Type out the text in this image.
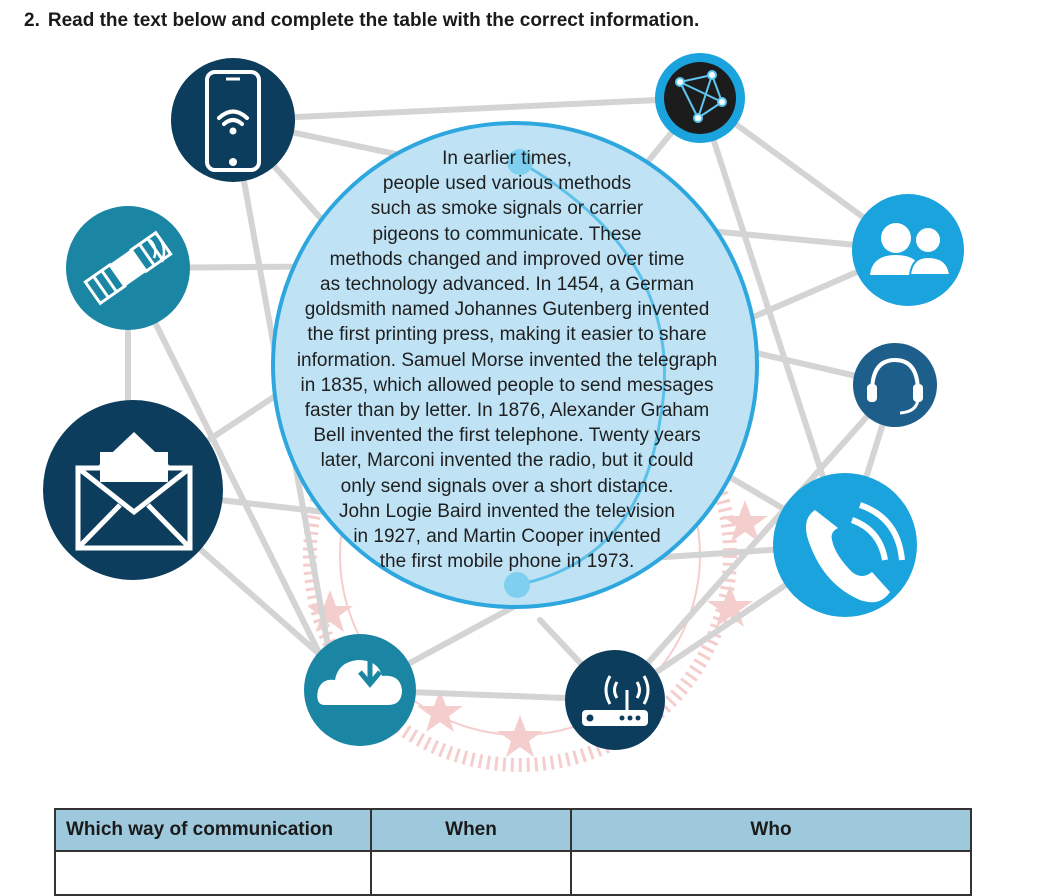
2. Read the text below and complete the table with the correct information.
In earlier times,
people used various methods
such as smoke signals or carrier
pigeons to communicate. These
methods changed and improved over time
as technology advanced. In 1454, a German
goldsmith named Johannes Gutenberg invented
the first printing press, making it easier to share
information. Samuel Morse invented the telegraph
in 1835, which allowed people to send messages
faster than by letter. In 1876, Alexander Graham
Bell invented the first telephone. Twenty years
later, Marconi invented the radio, but it could
only send signals over a short distance.
John Logie Baird invented the television
in 1927, and Martin Cooper invented
the first mobile phone in 1973.
Which way of communication	When	Who
